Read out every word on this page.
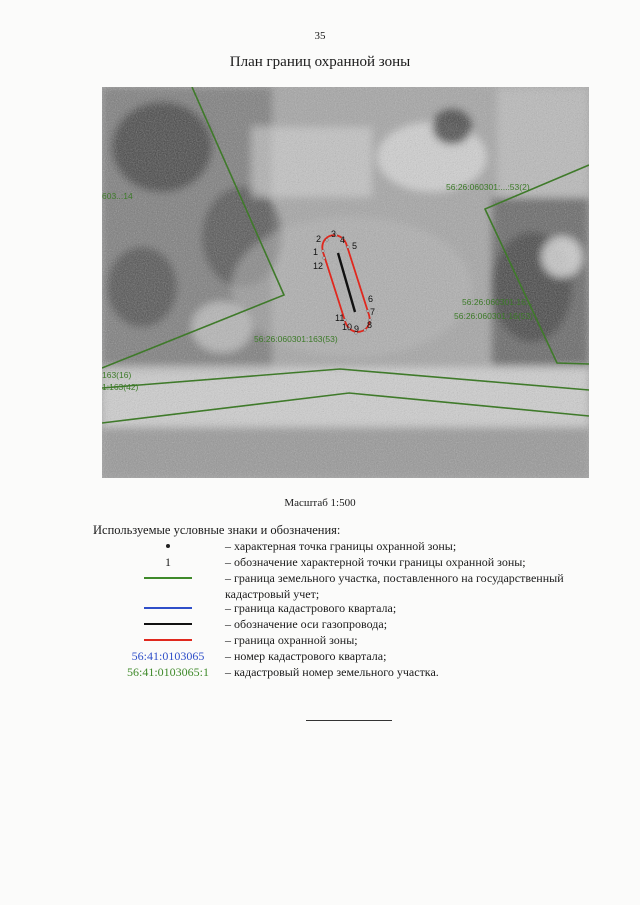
35
План границ охранной зоны
1
2 3
4
5
6
7
8
9
10
11
12
603..:14
56:26:060301:...:53(2)
56:26:060301:163(53)
56:26:060301:16...
56:26:060301:16(53)
163(16)
1:163(42)
Масштаб 1:500
Используемые условные знаки и обозначения:
– характерная точка границы охранной зоны;
1	– обозначение характерной точки границы охранной зоны;
– граница земельного участка, поставленного на государственный кадастровый учет;
– граница кадастрового квартала;
– обозначение оси газопровода;
– граница охранной зоны;
56:41:0103065 – номер кадастрового квартала;
56:41:0103065:1 – кадастровый номер земельного участка.
